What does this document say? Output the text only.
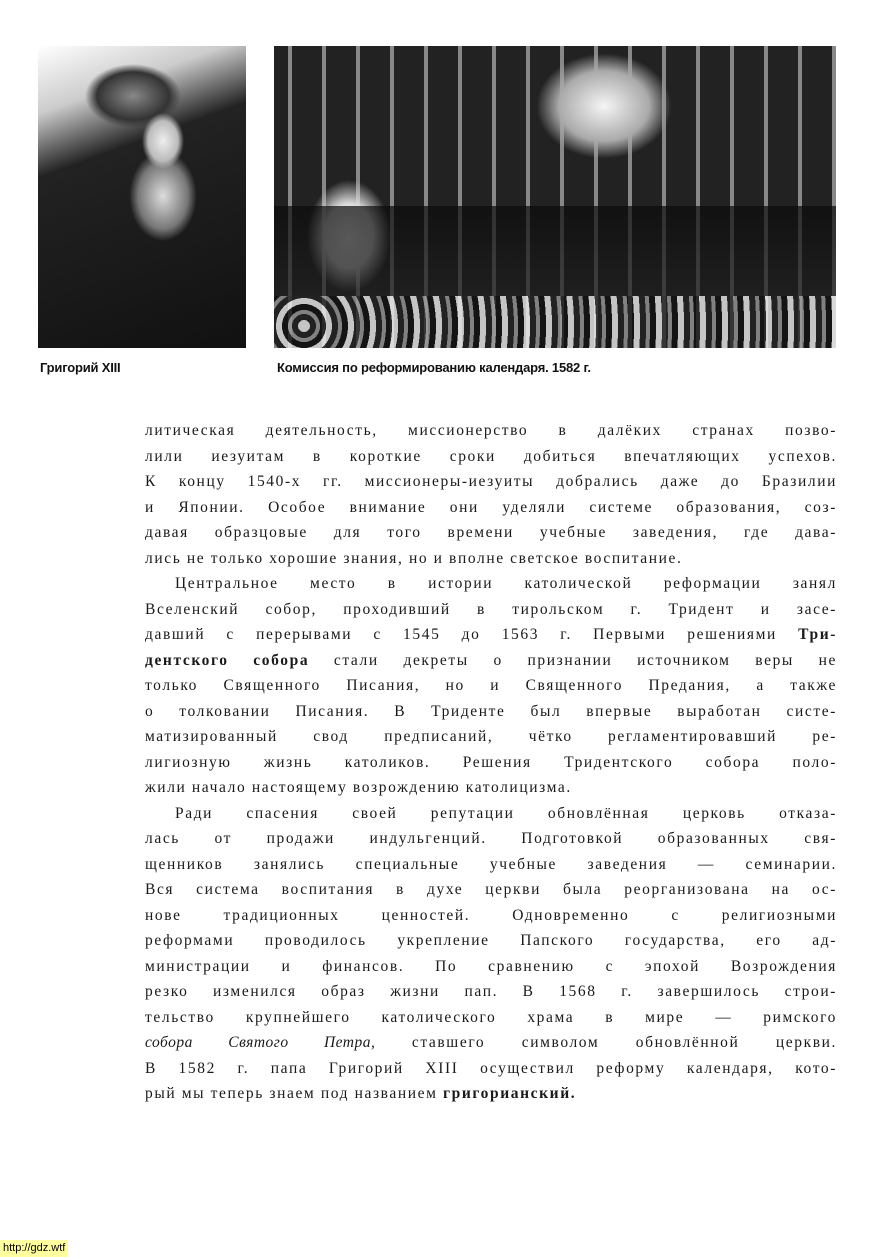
Григорий XIII	Комиссия по реформированию календаря. 1582 г.
литическая деятельность, миссионерство в далёких странах позво-
лили иезуитам в короткие сроки добиться впечатляющих успехов.
К концу 1540-х гг. миссионеры-иезуиты добрались даже до Бразилии
и Японии. Особое внимание они уделяли системе образования, соз-
давая образцовые для того времени учебные заведения, где дава-
лись не только хорошие знания, но и вполне светское воспитание.
Центральное место в истории католической реформации занял
Вселенский собор, проходивший в тирольском г. Тридент и засе-
давший с перерывами с 1545 до 1563 г. Первыми решениями Три-
дентского собора стали декреты о признании источником веры не
только Священного Писания, но и Священного Предания, а также
о толковании Писания. В Триденте был впервые выработан систе-
матизированный свод предписаний, чётко регламентировавший ре-
лигиозную жизнь католиков. Решения Тридентского собора поло-
жили начало настоящему возрождению католицизма.
Ради спасения своей репутации обновлённая церковь отказа-
лась от продажи индульгенций. Подготовкой образованных свя-
щенников занялись специальные учебные заведения — семинарии.
Вся система воспитания в духе церкви была реорганизована на ос-
нове традиционных ценностей. Одновременно с религиозными
реформами проводилось укрепление Папского государства, его ад-
министрации и финансов. По сравнению с эпохой Возрождения
резко изменился образ жизни пап. В 1568 г. завершилось строи-
тельство крупнейшего католического храма в мире — римского
собора Святого Петра, ставшего символом обновлённой церкви.
В 1582 г. папа Григорий XIII осуществил реформу календаря, кото-
рый мы теперь знаем под названием григорианский.
http://gdz.wtf
